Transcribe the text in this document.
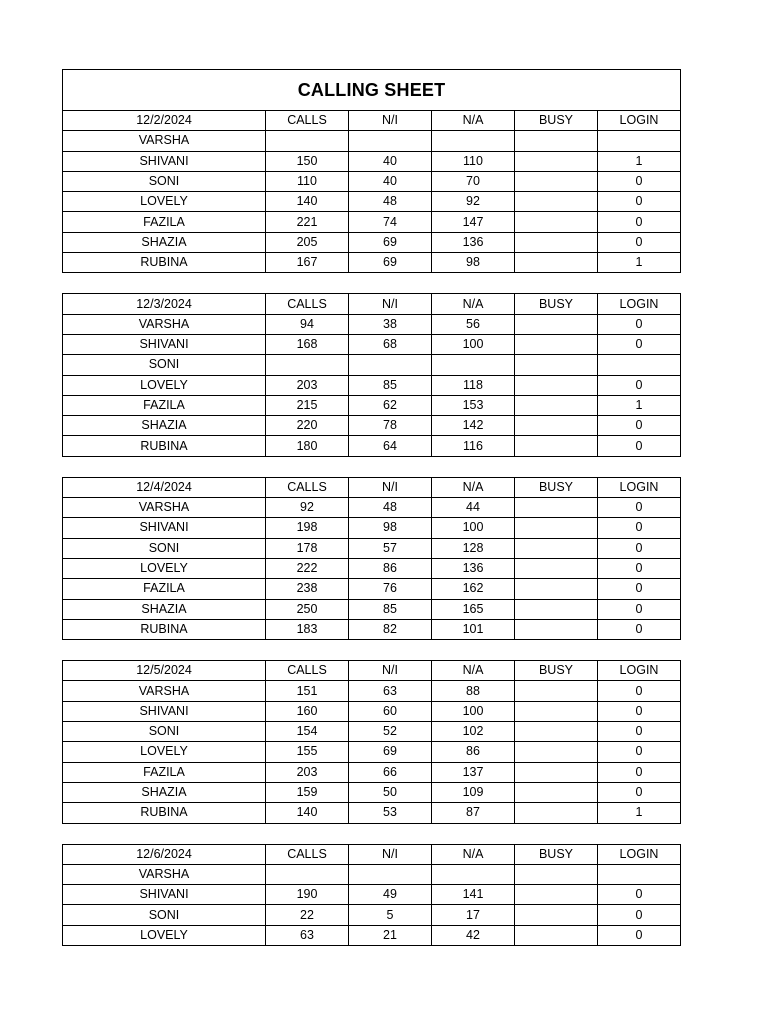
CALLING SHEET					
12/2/2024	CALLS	N/I	N/A	BUSY	LOGIN
VARSHA					
SHIVANI	150	40	110		1
SONI	110	40	70		0
LOVELY	140	48	92		0
FAZILA	221	74	147		0
SHAZIA	205	69	136		0
RUBINA	167	69	98		1
12/3/2024	CALLS	N/I	N/A	BUSY	LOGIN
VARSHA	94	38	56		0
SHIVANI	168	68	100		0
SONI					
LOVELY	203	85	118		0
FAZILA	215	62	153		1
SHAZIA	220	78	142		0
RUBINA	180	64	116		0
12/4/2024	CALLS	N/I	N/A	BUSY	LOGIN
VARSHA	92	48	44		0
SHIVANI	198	98	100		0
SONI	178	57	128		0
LOVELY	222	86	136		0
FAZILA	238	76	162		0
SHAZIA	250	85	165		0
RUBINA	183	82	101		0
12/5/2024	CALLS	N/I	N/A	BUSY	LOGIN
VARSHA	151	63	88		0
SHIVANI	160	60	100		0
SONI	154	52	102		0
LOVELY	155	69	86		0
FAZILA	203	66	137		0
SHAZIA	159	50	109		0
RUBINA	140	53	87		1
12/6/2024	CALLS	N/I	N/A	BUSY	LOGIN
VARSHA					
SHIVANI	190	49	141		0
SONI	22	5	17		0
LOVELY	63	21	42		0
